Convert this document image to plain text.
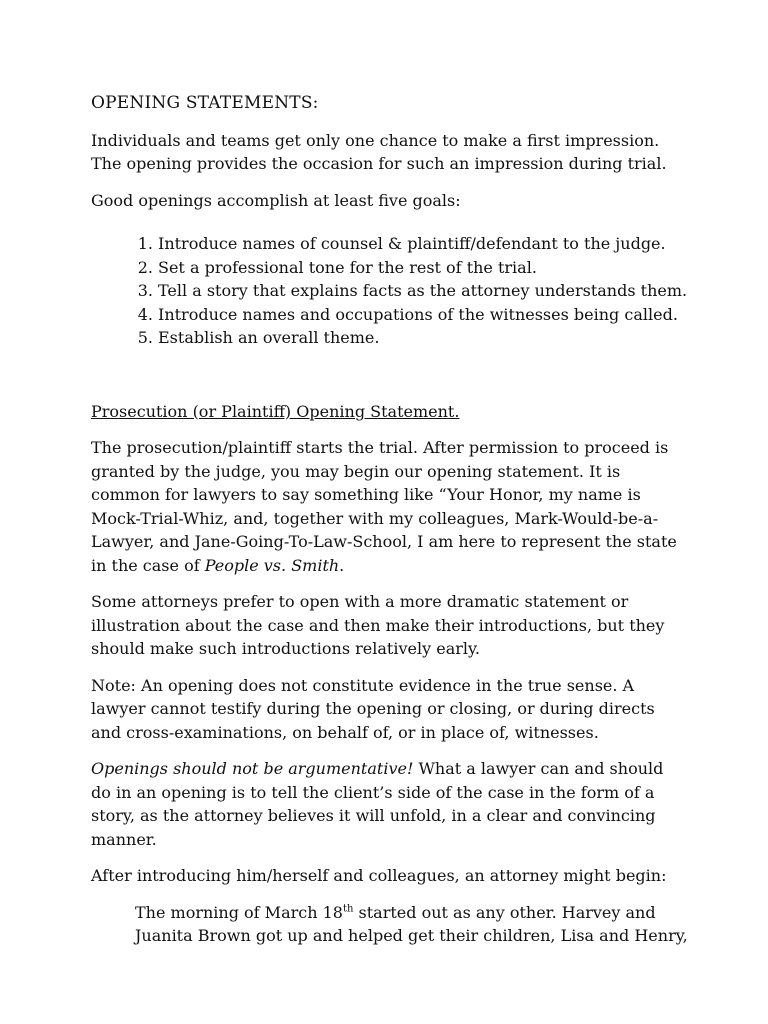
OPENING STATEMENTS:

Individuals and teams get only one chance to make a first impression. The opening provides the occasion for such an impression during trial.

Good openings accomplish at least five goals:

1. Introduce names of counsel & plaintiff/defendant to the judge.
2. Set a professional tone for the rest of the trial.
3. Tell a story that explains facts as the attorney understands them.
4. Introduce names and occupations of the witnesses being called.
5. Establish an overall theme.
Prosecution (or Plaintiff) Opening Statement.

The prosecution/plaintiff starts the trial. After permission to proceed is granted by the judge, you may begin our opening statement. It is common for lawyers to say something like “Your Honor, my name is Mock-Trial-Whiz, and, together with my colleagues, Mark-Would-be-a-Lawyer, and Jane-Going-To-Law-School, I am here to represent the state in the case of People vs. Smith.

Some attorneys prefer to open with a more dramatic statement or illustration about the case and then make their introductions, but they should make such introductions relatively early.

Note: An opening does not constitute evidence in the true sense. A lawyer cannot testify during the opening or closing, or during directs and cross-examinations, on behalf of, or in place of, witnesses.

Openings should not be argumentative! What a lawyer can and should do in an opening is to tell the client’s side of the case in the form of a story, as the attorney believes it will unfold, in a clear and convincing manner.

After introducing him/herself and colleagues, an attorney might begin:

The morning of March 18th started out as any other. Harvey and Juanita Brown got up and helped get their children, Lisa and Henry,
